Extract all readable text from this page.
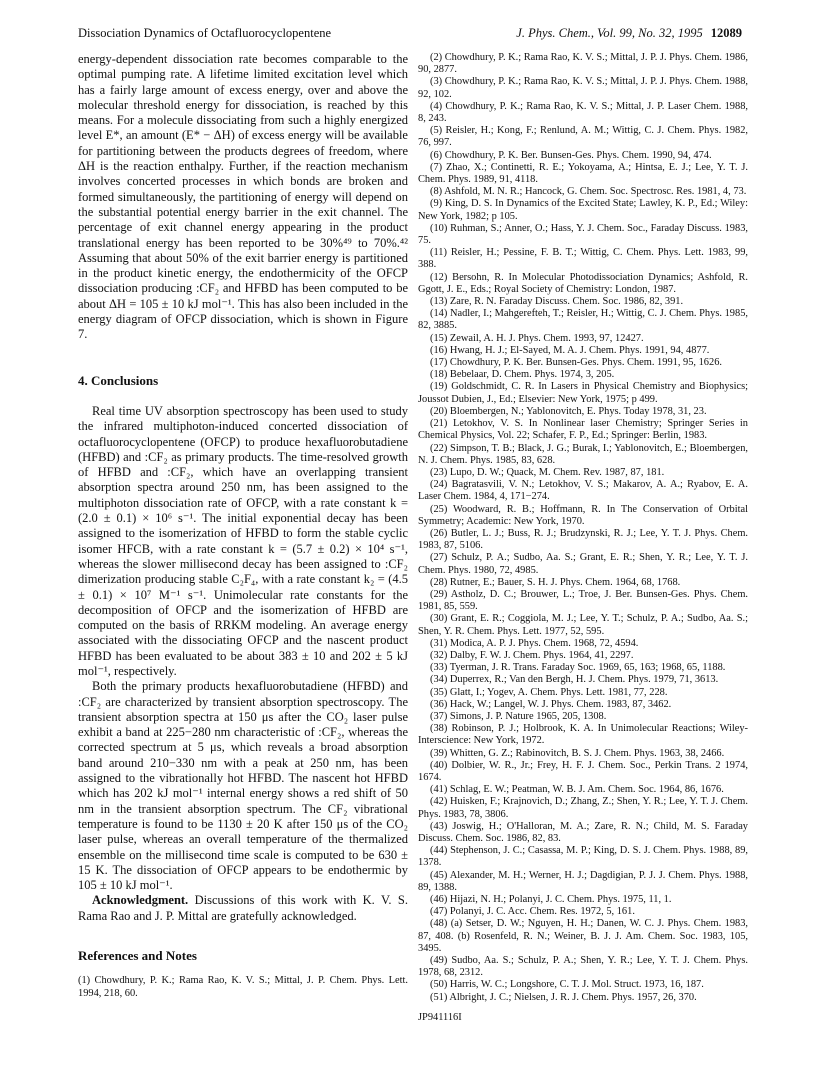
Dissociation Dynamics of Octafluorocyclopentene	J. Phys. Chem., Vol. 99, No. 32, 1995 12089

energy-dependent dissociation rate becomes comparable to the optimal pumping rate. A lifetime limited excitation level which has a fairly large amount of excess energy, over and above the molecular threshold energy for dissociation, is reached by this means. For a molecule dissociating from such a highly energized level E*, an amount (E* − ΔH) of excess energy will be available for partitioning between the products degrees of freedom, where ΔH is the reaction enthalpy. Further, if the reaction mechanism involves concerted processes in which bonds are broken and formed simultaneously, the partitioning of energy will depend on the substantial potential energy barrier in the exit channel. The percentage of exit channel energy appearing in the product translational energy has been reported to be 30%⁴⁹ to 70%.⁴² Assuming that about 50% of the exit barrier energy is partitioned in the product kinetic energy, the endothermicity of the OFCP dissociation producing :CF₂ and HFBD has been computed to be about ΔH = 105 ± 10 kJ mol⁻¹. This has also been included in the energy diagram of OFCP dissociation, which is shown in Figure 7.

4. Conclusions

Real time UV absorption spectroscopy has been used to study the infrared multiphoton-induced concerted dissociation of octafluorocyclopentene (OFCP) to produce hexafluorobutadiene (HFBD) and :CF₂ as primary products. The time-resolved growth of HFBD and :CF₂, which have an overlapping transient absorption spectra around 250 nm, has been assigned to the multiphoton dissociation rate of OFCP, with a rate constant k = (2.0 ± 0.1) × 10⁶ s⁻¹. The initial exponential decay has been assigned to the isomerization of HFBD to form the stable cyclic isomer HFCB, with a rate constant k = (5.7 ± 0.2) × 10⁴ s⁻¹, whereas the slower millisecond decay has been assigned to :CF₂ dimerization producing stable C₂F₄, with a rate constant k₂ = (4.5 ± 0.1) × 10⁷ M⁻¹ s⁻¹. Unimolecular rate constants for the decomposition of OFCP and the isomerization of HFBD are computed on the basis of RRKM modeling. An average energy associated with the dissociating OFCP and the nascent product HFBD has been evaluated to be about 383 ± 10 and 202 ± 5 kJ mol⁻¹, respectively.

Both the primary products hexafluorobutadiene (HFBD) and :CF₂ are characterized by transient absorption spectroscopy. The transient absorption spectra at 150 μs after the CO₂ laser pulse exhibit a band at 225−280 nm characteristic of :CF₂, whereas the corrected spectrum at 5 μs, which reveals a broad absorption band around 210−330 nm with a peak at 250 nm, has been assigned to the vibrationally hot HFBD. The nascent hot HFBD which has 202 kJ mol⁻¹ internal energy shows a red shift of 50 nm in the transient absorption spectrum. The CF₂ vibrational temperature is found to be 1130 ± 20 K after 150 μs of the CO₂ laser pulse, whereas an overall temperature of the thermalized ensemble on the millisecond time scale is computed to be 630 ± 15 K. The dissociation of OFCP appears to be endothermic by 105 ± 10 kJ mol⁻¹.

Acknowledgment. Discussions of this work with K. V. S. Rama Rao and J. P. Mittal are gratefully acknowledged.

References and Notes

(1) Chowdhury, P. K.; Rama Rao, K. V. S.; Mittal, J. P. Chem. Phys. Lett. 1994, 218, 60.

(2) Chowdhury, P. K.; Rama Rao, K. V. S.; Mittal, J. P. J. Phys. Chem. 1986, 90, 2877.

(3) Chowdhury, P. K.; Rama Rao, K. V. S.; Mittal, J. P. J. Phys. Chem. 1988, 92, 102.

(4) Chowdhury, P. K.; Rama Rao, K. V. S.; Mittal, J. P. Laser Chem. 1988, 8, 243.

(5) Reisler, H.; Kong, F.; Renlund, A. M.; Wittig, C. J. Chem. Phys. 1982, 76, 997.

(6) Chowdhury, P. K. Ber. Bunsen-Ges. Phys. Chem. 1990, 94, 474.

(7) Zhao, X.; Continetti, R. E.; Yokoyama, A.; Hintsa, E. J.; Lee, Y. T. J. Chem. Phys. 1989, 91, 4118.

(8) Ashfold, M. N. R.; Hancock, G. Chem. Soc. Spectrosc. Res. 1981, 4, 73.

(9) King, D. S. In Dynamics of the Excited State; Lawley, K. P., Ed.; Wiley: New York, 1982; p 105.

(10) Ruhman, S.; Anner, O.; Hass, Y. J. Chem. Soc., Faraday Discuss. 1983, 75.

(11) Reisler, H.; Pessine, F. B. T.; Wittig, C. Chem. Phys. Lett. 1983, 99, 388.

(12) Bersohn, R. In Molecular Photodissociation Dynamics; Ashfold, R. Ggott, J. E., Eds.; Royal Society of Chemistry: London, 1987.

(13) Zare, R. N. Faraday Discuss. Chem. Soc. 1986, 82, 391.

(14) Nadler, I.; Mahgerefteh, T.; Reisler, H.; Wittig, C. J. Chem. Phys. 1985, 82, 3885.

(15) Zewail, A. H. J. Phys. Chem. 1993, 97, 12427.

(16) Hwang, H. J.; El-Sayed, M. A. J. Chem. Phys. 1991, 94, 4877.

(17) Chowdhury, P. K. Ber. Bunsen-Ges. Phys. Chem. 1991, 95, 1626.

(18) Bebelaar, D. Chem. Phys. 1974, 3, 205.

(19) Goldschmidt, C. R. In Lasers in Physical Chemistry and Biophysics; Joussot Dubien, J., Ed.; Elsevier: New York, 1975; p 499.

(20) Bloembergen, N.; Yablonovitch, E. Phys. Today 1978, 31, 23.

(21) Letokhov, V. S. In Nonlinear laser Chemistry; Springer Series in Chemical Physics, Vol. 22; Schafer, F. P., Ed.; Springer: Berlin, 1983.

(22) Simpson, T. B.; Black, J. G.; Burak, I.; Yablonovitch, E.; Bloembergen, N. J. Chem. Phys. 1985, 83, 628.

(23) Lupo, D. W.; Quack, M. Chem. Rev. 1987, 87, 181.

(24) Bagratasvili, V. N.; Letokhov, V. S.; Makarov, A. A.; Ryabov, E. A. Laser Chem. 1984, 4, 171−274.

(25) Woodward, R. B.; Hoffmann, R. In The Conservation of Orbital Symmetry; Academic: New York, 1970.

(26) Butler, L. J.; Buss, R. J.; Brudzynski, R. J.; Lee, Y. T. J. Phys. Chem. 1983, 87, 5106.

(27) Schulz, P. A.; Sudbo, Aa. S.; Grant, E. R.; Shen, Y. R.; Lee, Y. T. J. Chem. Phys. 1980, 72, 4985.

(28) Rutner, E.; Bauer, S. H. J. Phys. Chem. 1964, 68, 1768.

(29) Astholz, D. C.; Brouwer, L.; Troe, J. Ber. Bunsen-Ges. Phys. Chem. 1981, 85, 559.

(30) Grant, E. R.; Coggiola, M. J.; Lee, Y. T.; Schulz, P. A.; Sudbo, Aa. S.; Shen, Y. R. Chem. Phys. Lett. 1977, 52, 595.

(31) Modica, A. P. J. Phys. Chem. 1968, 72, 4594.

(32) Dalby, F. W. J. Chem. Phys. 1964, 41, 2297.

(33) Tyerman, J. R. Trans. Faraday Soc. 1969, 65, 163; 1968, 65, 1188.

(34) Duperrex, R.; Van den Bergh, H. J. Chem. Phys. 1979, 71, 3613.

(35) Glatt, I.; Yogev, A. Chem. Phys. Lett. 1981, 77, 228.

(36) Hack, W.; Langel, W. J. Phys. Chem. 1983, 87, 3462.

(37) Simons, J. P. Nature 1965, 205, 1308.

(38) Robinson, P. J.; Holbrook, K. A. In Unimolecular Reactions; Wiley-Interscience: New York, 1972.

(39) Whitten, G. Z.; Rabinovitch, B. S. J. Chem. Phys. 1963, 38, 2466.

(40) Dolbier, W. R., Jr.; Frey, H. F. J. Chem. Soc., Perkin Trans. 2 1974, 1674.

(41) Schlag, E. W.; Peatman, W. B. J. Am. Chem. Soc. 1964, 86, 1676.

(42) Huisken, F.; Krajnovich, D.; Zhang, Z.; Shen, Y. R.; Lee, Y. T. J. Chem. Phys. 1983, 78, 3806.

(43) Joswig, H.; O'Halloran, M. A.; Zare, R. N.; Child, M. S. Faraday Discuss. Chem. Soc. 1986, 82, 83.

(44) Stephenson, J. C.; Casassa, M. P.; King, D. S. J. Chem. Phys. 1988, 89, 1378.

(45) Alexander, M. H.; Werner, H. J.; Dagdigian, P. J. J. Chem. Phys. 1988, 89, 1388.

(46) Hijazi, N. H.; Polanyi, J. C. Chem. Phys. 1975, 11, 1.

(47) Polanyi, J. C. Acc. Chem. Res. 1972, 5, 161.

(48) (a) Setser, D. W.; Nguyen, H. H.; Danen, W. C. J. Phys. Chem. 1983, 87, 408. (b) Rosenfeld, R. N.; Weiner, B. J. J. Am. Chem. Soc. 1983, 105, 3495.

(49) Sudbo, Aa. S.; Schulz, P. A.; Shen, Y. R.; Lee, Y. T. J. Chem. Phys. 1978, 68, 2312.

(50) Harris, W. C.; Longshore, C. T. J. Mol. Struct. 1973, 16, 187.

(51) Albright, J. C.; Nielsen, J. R. J. Chem. Phys. 1957, 26, 370.

JP941116I
